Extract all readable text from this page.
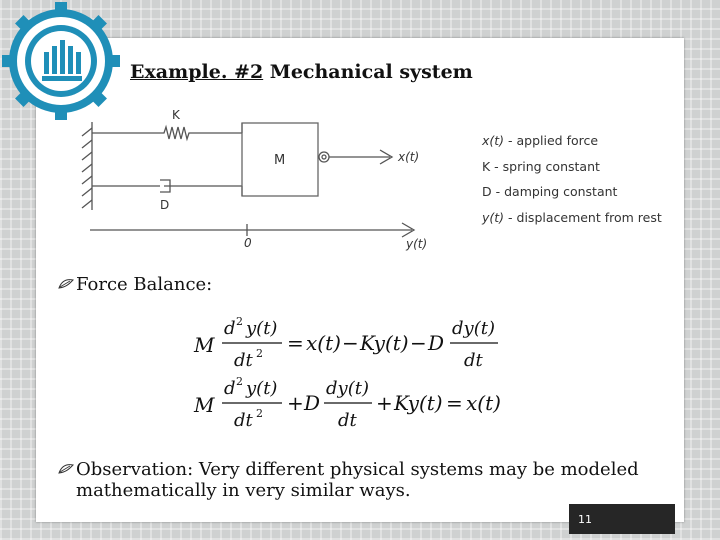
Example. #2 Mechanical system
K
D
M	x(t)
0	y(t)
x(t) - applied force
K - spring constant
D - damping constant
y(t) - displacement from rest
Force Balance:
M
d 2 y(t)
dt 2 = x(t) − Ky(t) − D
dy(t)
dt
M
d 2 y(t)
dt 2 + D
dy(t)
dt
+ Ky(t) = x(t)
Observation: Very different physical systems may be modeled mathematically in very similar ways.
11
